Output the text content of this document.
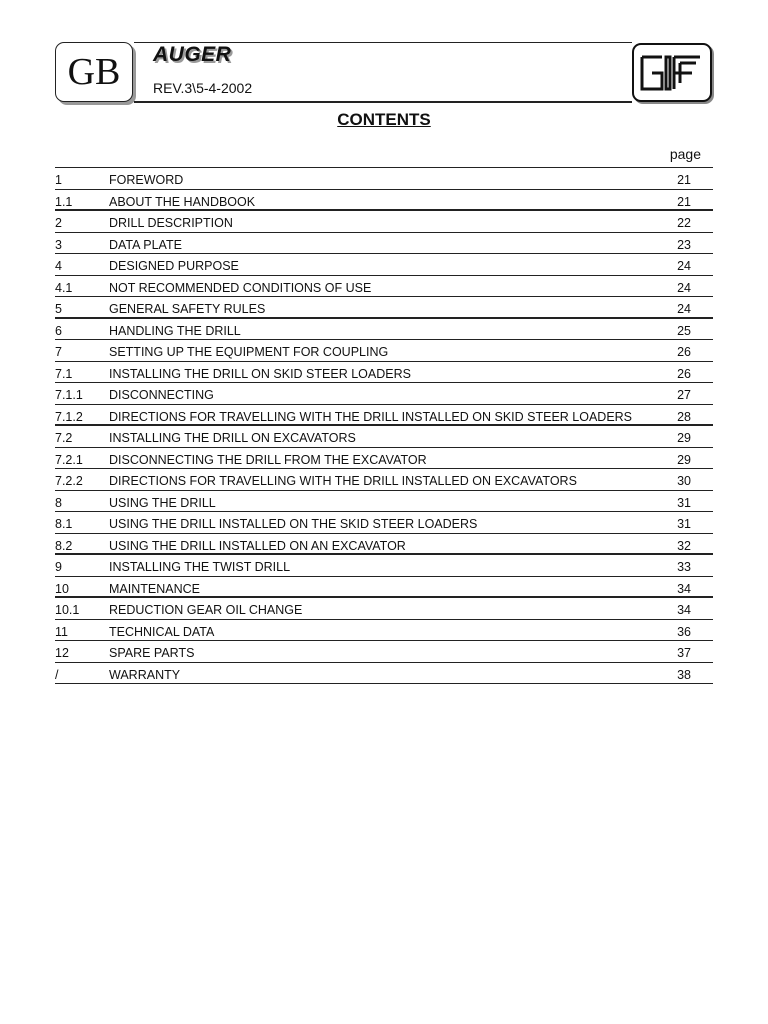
GB	AUGER
REV.3\5-4-2002
CONTENTS
page
1	FOREWORD	21
1.1	ABOUT THE HANDBOOK	21
2	DRILL DESCRIPTION	22
3	DATA PLATE	23
4	DESIGNED PURPOSE	24
4.1	NOT RECOMMENDED CONDITIONS OF USE	24
5	GENERAL SAFETY RULES	24
6	HANDLING THE DRILL	25
7	SETTING UP THE EQUIPMENT FOR COUPLING	26
7.1	INSTALLING THE DRILL ON SKID STEER LOADERS	26
7.1.1 DISCONNECTING	27
7.1.2 DIRECTIONS FOR TRAVELLING WITH THE DRILL INSTALLED ON SKID STEER LOADERS	28
7.2	INSTALLING THE DRILL ON EXCAVATORS	29
7.2.1 DISCONNECTING THE DRILL FROM THE EXCAVATOR	29
7.2.2 DIRECTIONS FOR TRAVELLING WITH THE DRILL INSTALLED ON EXCAVATORS	30
8	USING THE DRILL	31
8.1	USING THE DRILL INSTALLED ON THE SKID STEER LOADERS	31
8.2	USING THE DRILL INSTALLED ON AN EXCAVATOR	32
9	INSTALLING THE TWIST DRILL	33
10	MAINTENANCE	34
10.1 REDUCTION GEAR OIL CHANGE	34
11	TECHNICAL DATA	36
12	SPARE PARTS	37
/	WARRANTY	38
